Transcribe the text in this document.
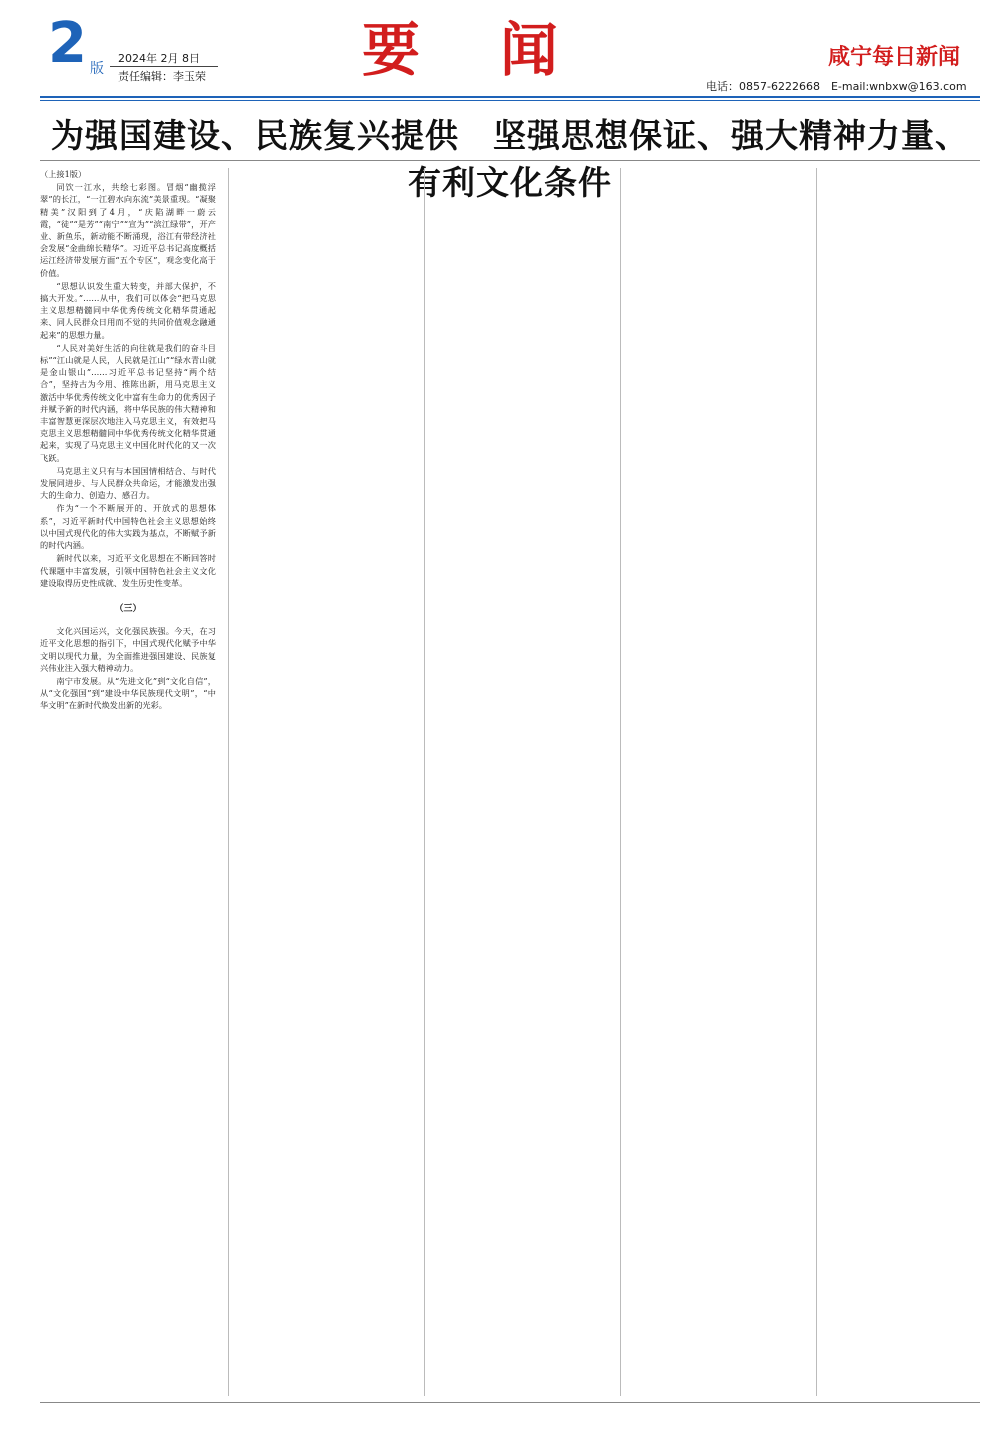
2 版
2024年 2月 8日
责任编辑：李玉荣	要闻	咸宁每日新闻
电话：0857-6222668　E-mail:wnbxw@163.com
为强国建设、民族复兴提供　坚强思想保证、强大精神力量、有利文化条件

（上接1版）

同饮一江水，共绘七彩图。冒烟“幽揽浮翠”的长江，“一江碧水向东流”美景重现。“凝聚精美”汉阳到了4月，“庆陷湖畔一蔚云霞，“徒”“是芳”“南宁”“宣为”“滨江绿带”，开产业、新鱼乐，新动能不断涌现，浴江有带经济社会发展“金曲绵长精华”。习近平总书记高度概括运江经济带发展方面“五个专区”，观念变化高于价值。

“思想认识发生重大转变，并部大保护，不搞大开发。”……从中，我们可以体会“把马克思主义思想精髓同中华优秀传统文化精华贯通起来、同人民群众日用而不觉的共同价值观念融通起来”的思想力量。

“人民对美好生活的向往就是我们的奋斗目标”“江山就是人民，人民就是江山”“绿水青山就是金山银山”……习近平总书记坚持“两个结合”，坚持古为今用、推陈出新，用马克思主义激活中华优秀传统文化中富有生命力的优秀因子并赋予新的时代内涵，将中华民族的伟大精神和丰富智慧更深层次地注入马克思主义，有效把马克思主义思想精髓同中华优秀传统文化精华贯通起来，实现了马克思主义中国化时代化的又一次飞跃。

马克思主义只有与本国国情相结合、与时代发展同进步、与人民群众共命运，才能激发出强大的生命力、创造力、感召力。

作为“一个不断展开的、开放式的思想体系”，习近平新时代中国特色社会主义思想始终以中国式现代化的伟大实践为基点，不断赋予新的时代内涵。

新时代以来，习近平文化思想在不断回答时代课题中丰富发展，引领中国特色社会主义文化建设取得历史性成就、发生历史性变革。

（三）

文化兴国运兴，文化强民族强。今天，在习近平文化思想的指引下，中国式现代化赋予中华文明以现代力量，为全面推进强国建设、民族复兴伟业注入强大精神动力。

南宁市发展。从“先进文化”到“文化自信”，从“文化强国”到“建设中华民族现代文明”，“中华文明”在新时代焕发出新的光彩。
